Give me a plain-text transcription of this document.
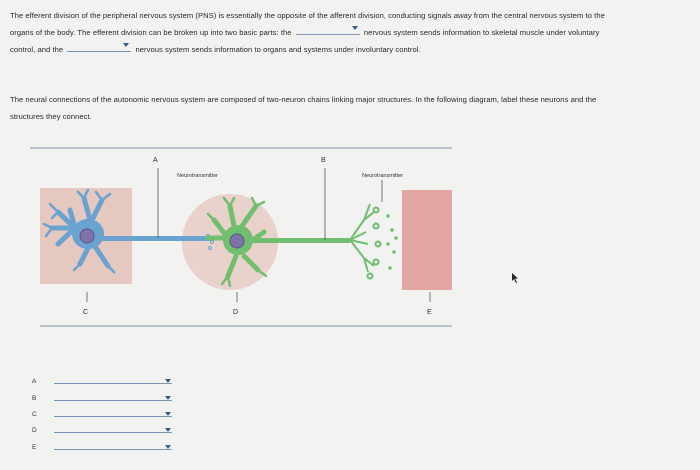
The efferent division of the peripheral nervous system (PNS) is essentially the opposite of the afferent division, conducting signals away from the central nervous system to the organs of the body. The efferent division can be broken up into two basic parts: the	nervous system sends information to skeletal muscle under voluntary control, and the	nervous system sends information to organs and systems under involuntary control.
The neural connections of the autonomic nervous system are composed of two-neuron chains linking major structures. In the following diagram, label these neurons and the structures they connect.
A	B
C	D	E
Neurotransmitter	Neurotransmitter
A
B
C
D
E
